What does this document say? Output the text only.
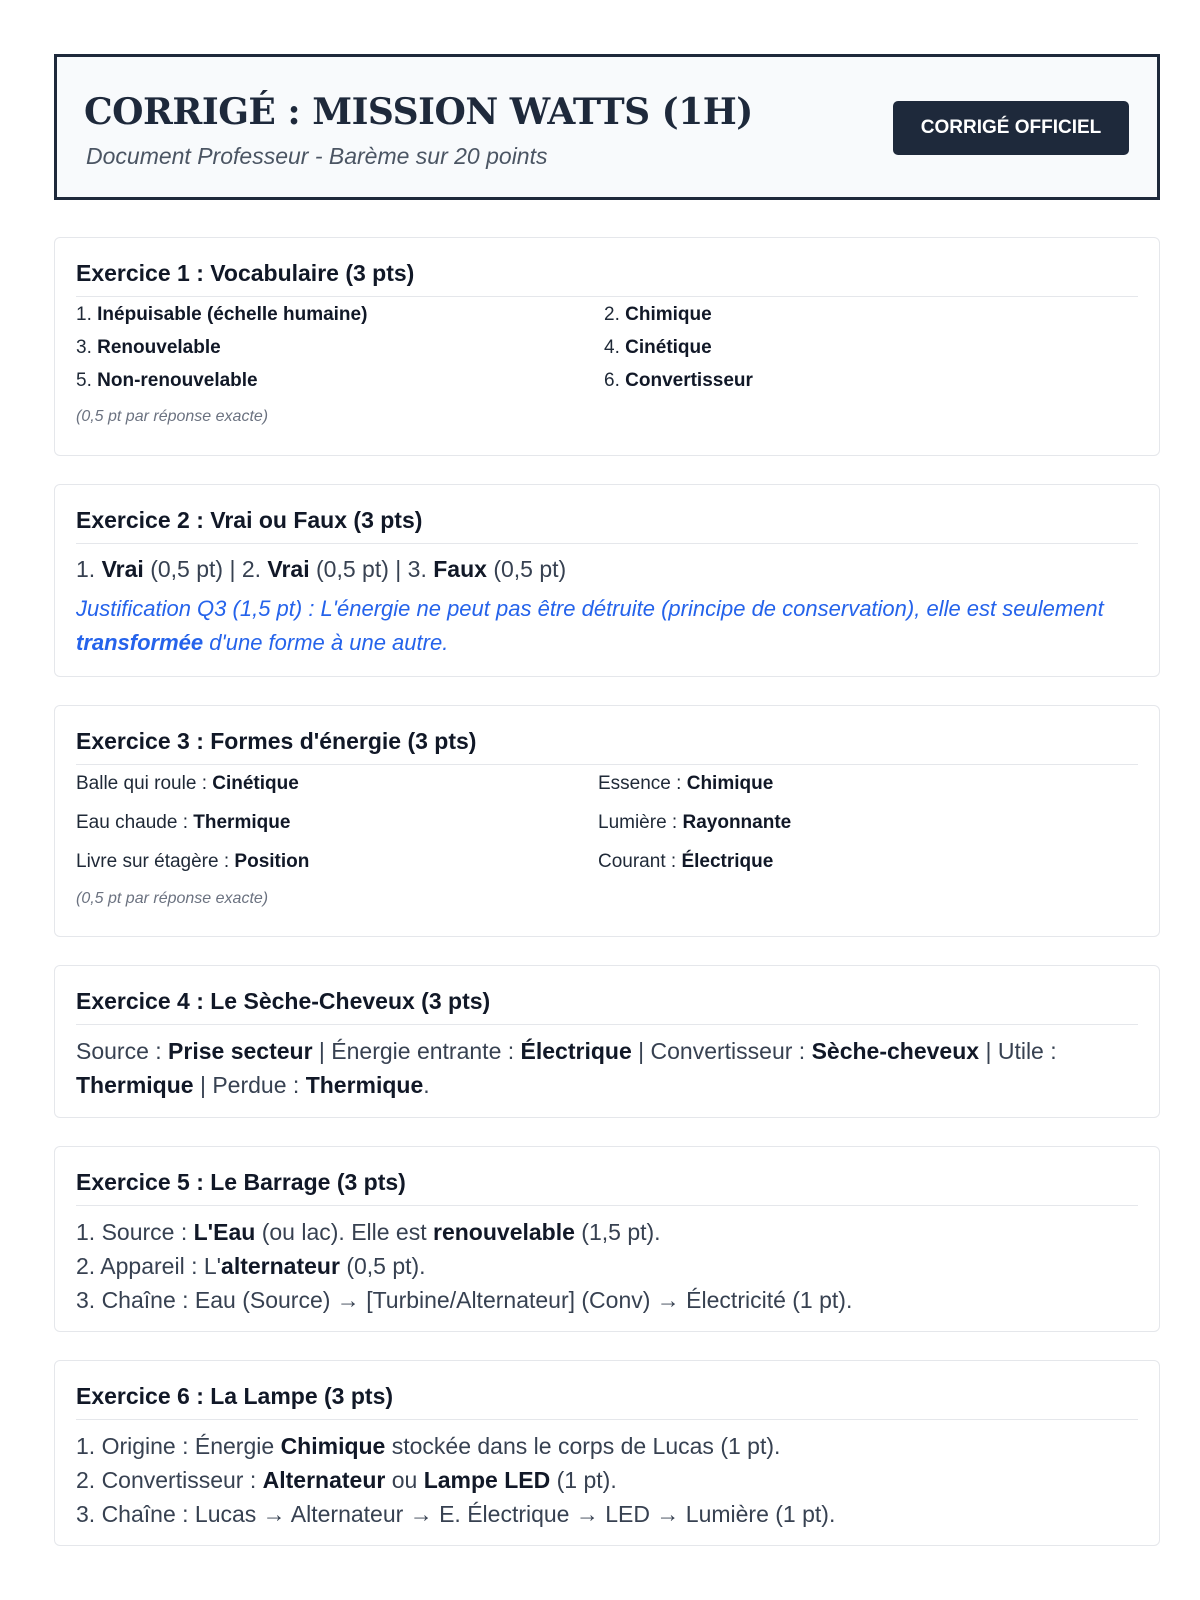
CORRIGÉ : MISSION WATTS (1H)
Document Professeur - Barème sur 20 points
CORRIGÉ OFFICIEL
Exercice 1 : Vocabulaire (3 pts)
1. Inépuisable (échelle humaine)	2. Chimique
3. Renouvelable	4. Cinétique
5. Non-renouvelable	6. Convertisseur
(0,5 pt par réponse exacte)
Exercice 2 : Vrai ou Faux (3 pts)
1. Vrai (0,5 pt) | 2. Vrai (0,5 pt) | 3. Faux (0,5 pt)
Justification Q3 (1,5 pt) : L'énergie ne peut pas être détruite (principe de conservation), elle est seulement transformée d'une forme à une autre.
Exercice 3 : Formes d'énergie (3 pts)
Balle qui roule : Cinétique	Essence : Chimique
Eau chaude : Thermique	Lumière : Rayonnante
Livre sur étagère : Position	Courant : Électrique
(0,5 pt par réponse exacte)
Exercice 4 : Le Sèche-Cheveux (3 pts)
Source : Prise secteur | Énergie entrante : Électrique | Convertisseur : Sèche-cheveux | Utile : Thermique | Perdue : Thermique.
Exercice 5 : Le Barrage (3 pts)
1. Source : L'Eau (ou lac). Elle est renouvelable (1,5 pt).
2. Appareil : L'alternateur (0,5 pt).
3. Chaîne : Eau (Source) → [Turbine/Alternateur] (Conv) → Électricité (1 pt).
Exercice 6 : La Lampe (3 pts)
1. Origine : Énergie Chimique stockée dans le corps de Lucas (1 pt).
2. Convertisseur : Alternateur ou Lampe LED (1 pt).
3. Chaîne : Lucas → Alternateur → E. Électrique → LED → Lumière (1 pt).
